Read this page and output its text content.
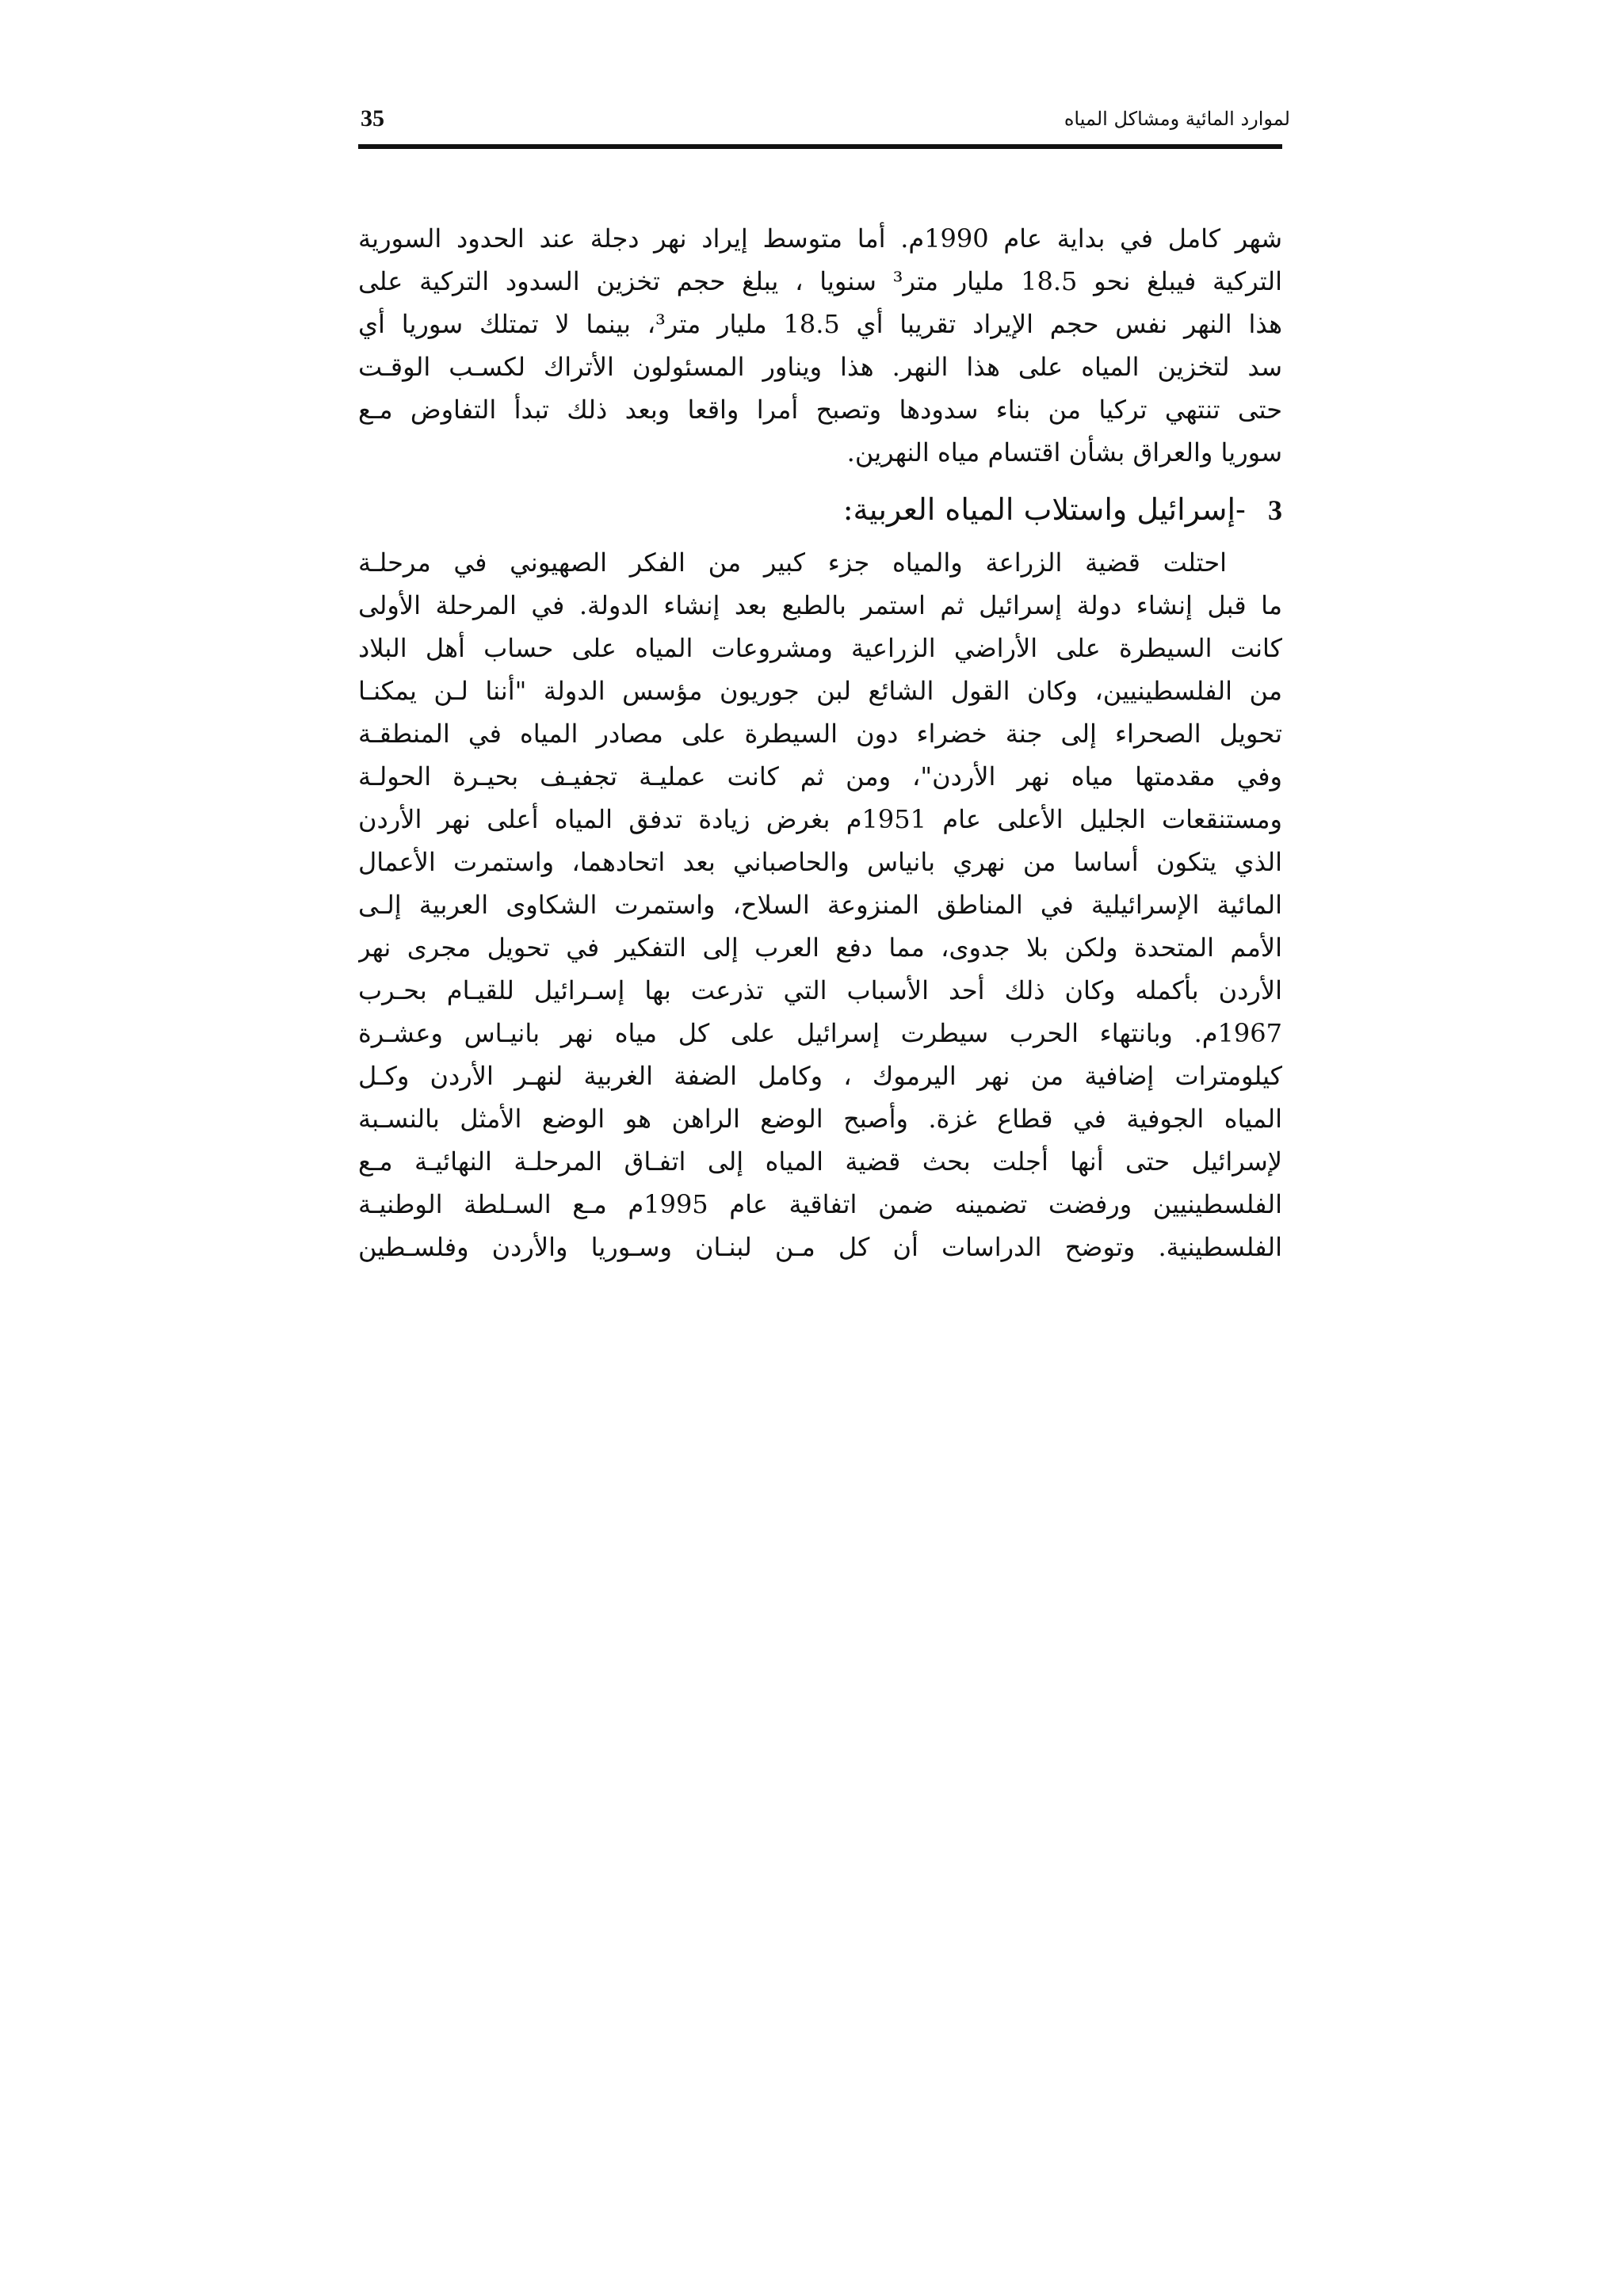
35	لموارد المائية ومشاكل المياه
شهر كامل في بداية عام 1990م. أما متوسط إيراد نهر دجلة عند الحدود السورية
التركية فيبلغ نحو 18.5 مليار متر³ سنويا ، يبلغ حجم تخزين السدود التركية على
هذا النهر نفس حجم الإيراد تقريبا أي 18.5 مليار متر³، بينما لا تمتلك سوريا أي
سد لتخزين المياه على هذا النهر. هذا ويناور المسئولون الأتراك لكسـب الوقـت
حتى تنتهي تركيا من بناء سدودها وتصبح أمرا واقعا وبعد ذلك تبدأ التفاوض مـع
سوريا والعراق بشأن اقتسام مياه النهرين.
3 -إسرائيل واستلاب المياه العربية:
احتلت قضية الزراعة والمياه جزء كبير من الفكر الصهيوني في مرحلـة
ما قبل إنشاء دولة إسرائيل ثم استمر بالطبع بعد إنشاء الدولة. في المرحلة الأولى
كانت السيطرة على الأراضي الزراعية ومشروعات المياه على حساب أهل البلاد
من الفلسطينيين، وكان القول الشائع لبن جوريون مؤسس الدولة "أننا لـن يمكنـا
تحويل الصحراء إلى جنة خضراء دون السيطرة على مصادر المياه في المنطقـة
وفي مقدمتها مياه نهر الأردن"، ومن ثم كانت عمليـة تجفيـف بحيـرة الحولـة
ومستنقعات الجليل الأعلى عام 1951م بغرض زيادة تدفق المياه أعلى نهر الأردن
الذي يتكون أساسا من نهري بانياس والحاصباني بعد اتحادهما، واستمرت الأعمال
المائية الإسرائيلية في المناطق المنزوعة السلاح، واستمرت الشكاوى العربية إلـى
الأمم المتحدة ولكن بلا جدوى، مما دفع العرب إلى التفكير في تحويل مجرى نهر
الأردن بأكمله وكان ذلك أحد الأسباب التي تذرعت بها إسـرائيل للقيـام بحـرب
1967م. وبانتهاء الحرب سيطرت إسرائيل على كل مياه نهر بانيـاس وعشـرة
كيلومترات إضافية من نهر اليرموك ، وكامل الضفة الغربية لنهـر الأردن وكـل
المياه الجوفية في قطاع غزة. وأصبح الوضع الراهن هو الوضع الأمثل بالنسـبة
لإسرائيل حتى أنها أجلت بحث قضية المياه إلى اتفـاق المرحلـة النهائيـة مـع
الفلسطينيين ورفضت تضمينه ضمن اتفاقية عام 1995م مـع السـلطة الوطنيـة
الفلسطينية. وتوضح الدراسات أن كل مـن لبنـان وسـوريا والأردن وفلسـطين
